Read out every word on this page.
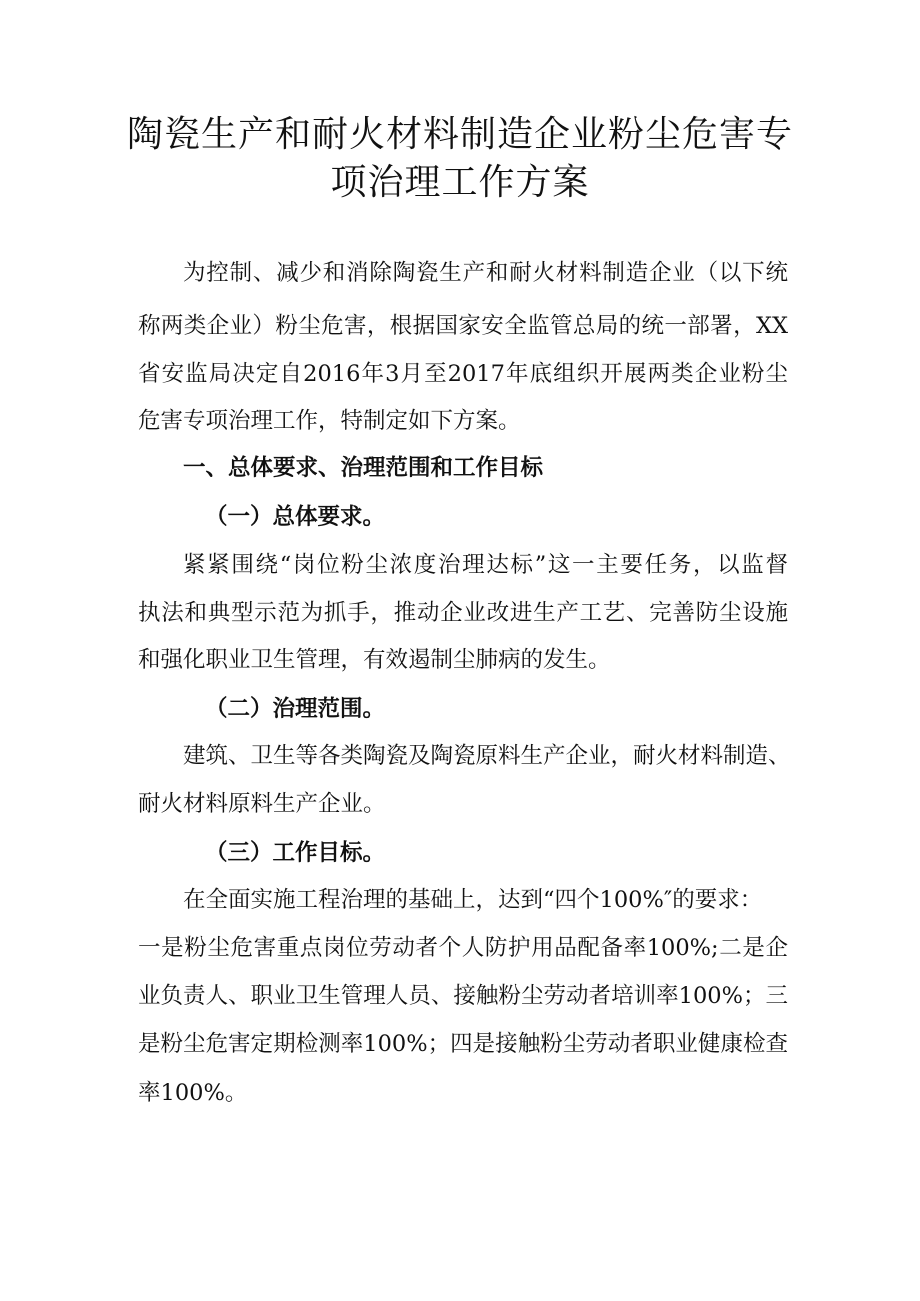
陶瓷生产和耐火材料制造企业粉尘危害专
项治理工作方案
为控制、减少和消除陶瓷生产和耐火材料制造企业（以下统
称两类企业）粉尘危害，根据国家安全监管总局的统一部署，XX
省安监局决定自2016年3月至2017年底组织开展两类企业粉尘
危害专项治理工作，特制定如下方案。
一、总体要求、治理范围和工作目标
（一）总体要求。
紧紧围绕“岗位粉尘浓度治理达标”这一主要任务，以监督
执法和典型示范为抓手，推动企业改进生产工艺、完善防尘设施
和强化职业卫生管理，有效遏制尘肺病的发生。
（二）治理范围。
建筑、卫生等各类陶瓷及陶瓷原料生产企业，耐火材料制造、
耐火材料原料生产企业。
（三）工作目标。
在全面实施工程治理的基础上，达到“四个100%″的要求：
一是粉尘危害重点岗位劳动者个人防护用品配备率100%;二是企
业负责人、职业卫生管理人员、接触粉尘劳动者培训率100%；三
是粉尘危害定期检测率100%；四是接触粉尘劳动者职业健康检查
率100%。
